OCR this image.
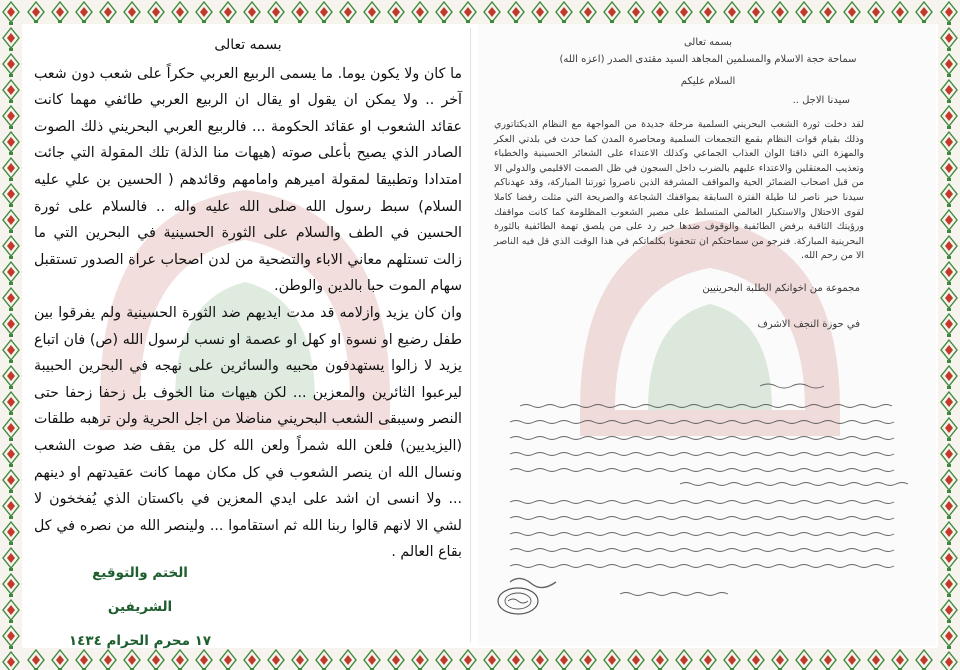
بسمه تعالى

ما كان ولا يكون يوما. ما يسمى الربيع العربي حكراً على شعب دون شعب آخر .. ولا يمكن ان يقول او يقال ان الربيع العربي طائفي مهما كانت عقائد الشعوب او عقائد الحكومة ... فالربيع العربي البحريني ذلك الصوت الصادر الذي يصيح بأعلى صوته (هيهات منا الذلة) تلك المقولة التي جائت امتدادا وتطبيقا لمقولة اميرهم وامامهم وقائدهم ( الحسين بن علي عليه السلام) سبط رسول الله صلى الله عليه واله .. فالسلام على ثورة الحسين في الطف والسلام على الثورة الحسينية في البحرين التي ما زالت تستلهم معاني الاباء والتضحية من لدن اصحاب عراة الصدور تستقبل سهام الموت حبا بالدين والوطن.

وان كان يزيد وازلامه قد مدت ايديهم ضد الثورة الحسينية ولم يفرقوا بين طفل رضيع او نسوة او كهل او عصمة او نسب لرسول الله (ص) فان اتباع يزيد لا زالوا يستهدفون محبيه والسائرين على نهجه في البحرين الحبيبة ليرعبوا الثائرين والمعزين ... لكن هيهات منا الخوف بل زحفا زحفا حتى النصر وسيبقى الشعب البحريني مناضلا من اجل الحرية ولن ترهبه طلقات (اليزيديين) فلعن الله شمراً ولعن الله كل من يقف ضد صوت الشعب ونسال الله ان ينصر الشعوب في كل مكان مهما كانت عقيدتهم او دينهم ... ولا انسى ان اشد على ايدي المعزين في باكستان الذي يُفخخون لا لشي الا لانهم قالوا ربنا الله ثم استقاموا ... ولينصر الله من نصره في كل بقاع العالم .

الختم والتوقيع الشريفين
١٧ محرم الحرام ١٤٣٤
بسمه تعالى
سماحة حجة الاسلام والمسلمين المجاهد السيد مقتدى الصدر (اعزه الله)
السلام عليكم
سيدنا الاجل ..
لقد دخلت ثورة الشعب البحريني السلمية مرحلة جديدة من المواجهة مع النظام الديكتاتوري وذلك بقيام قوات النظام بقمع التجمعات السلمية ومحاصرة المدن كما حدث في بلدتي العكر والمهزة التي ذاقتا الوان العذاب الجماعي وكذلك الاعتداء على الشعائر الحسينية والخطباء وتعذيب المعتقلين والاعتداء عليهم بالضرب داخل السجون في ظل الصمت الاقليمي والدولي الا من قبل اصحاب الضمائر الحية والمواقف المشرفة الذين ناصروا ثورتنا المباركة، وقد عهدناكم سيدنا خير ناصر لنا طيلة الفترة السابقة بمواقفك الشجاعة والصريحة التي مثلت رفضا كاملا لقوى الاحتلال والاستكبار العالمي المتسلط على مصير الشعوب المظلومة كما كانت مواقفك ورؤيتك الثاقبة برفض الطائفية والوقوف ضدها خير رد على من يلصق تهمة الطائفية بالثورة البحرينية المباركة. فنرجو من سماحتكم ان تتحفونا بكلماتكم في هذا الوقت الذي قل فيه الناصر الا من رحم الله.
مجموعة من اخوانكم الطلبة البحرينيين
في حوزة النجف الاشرف
